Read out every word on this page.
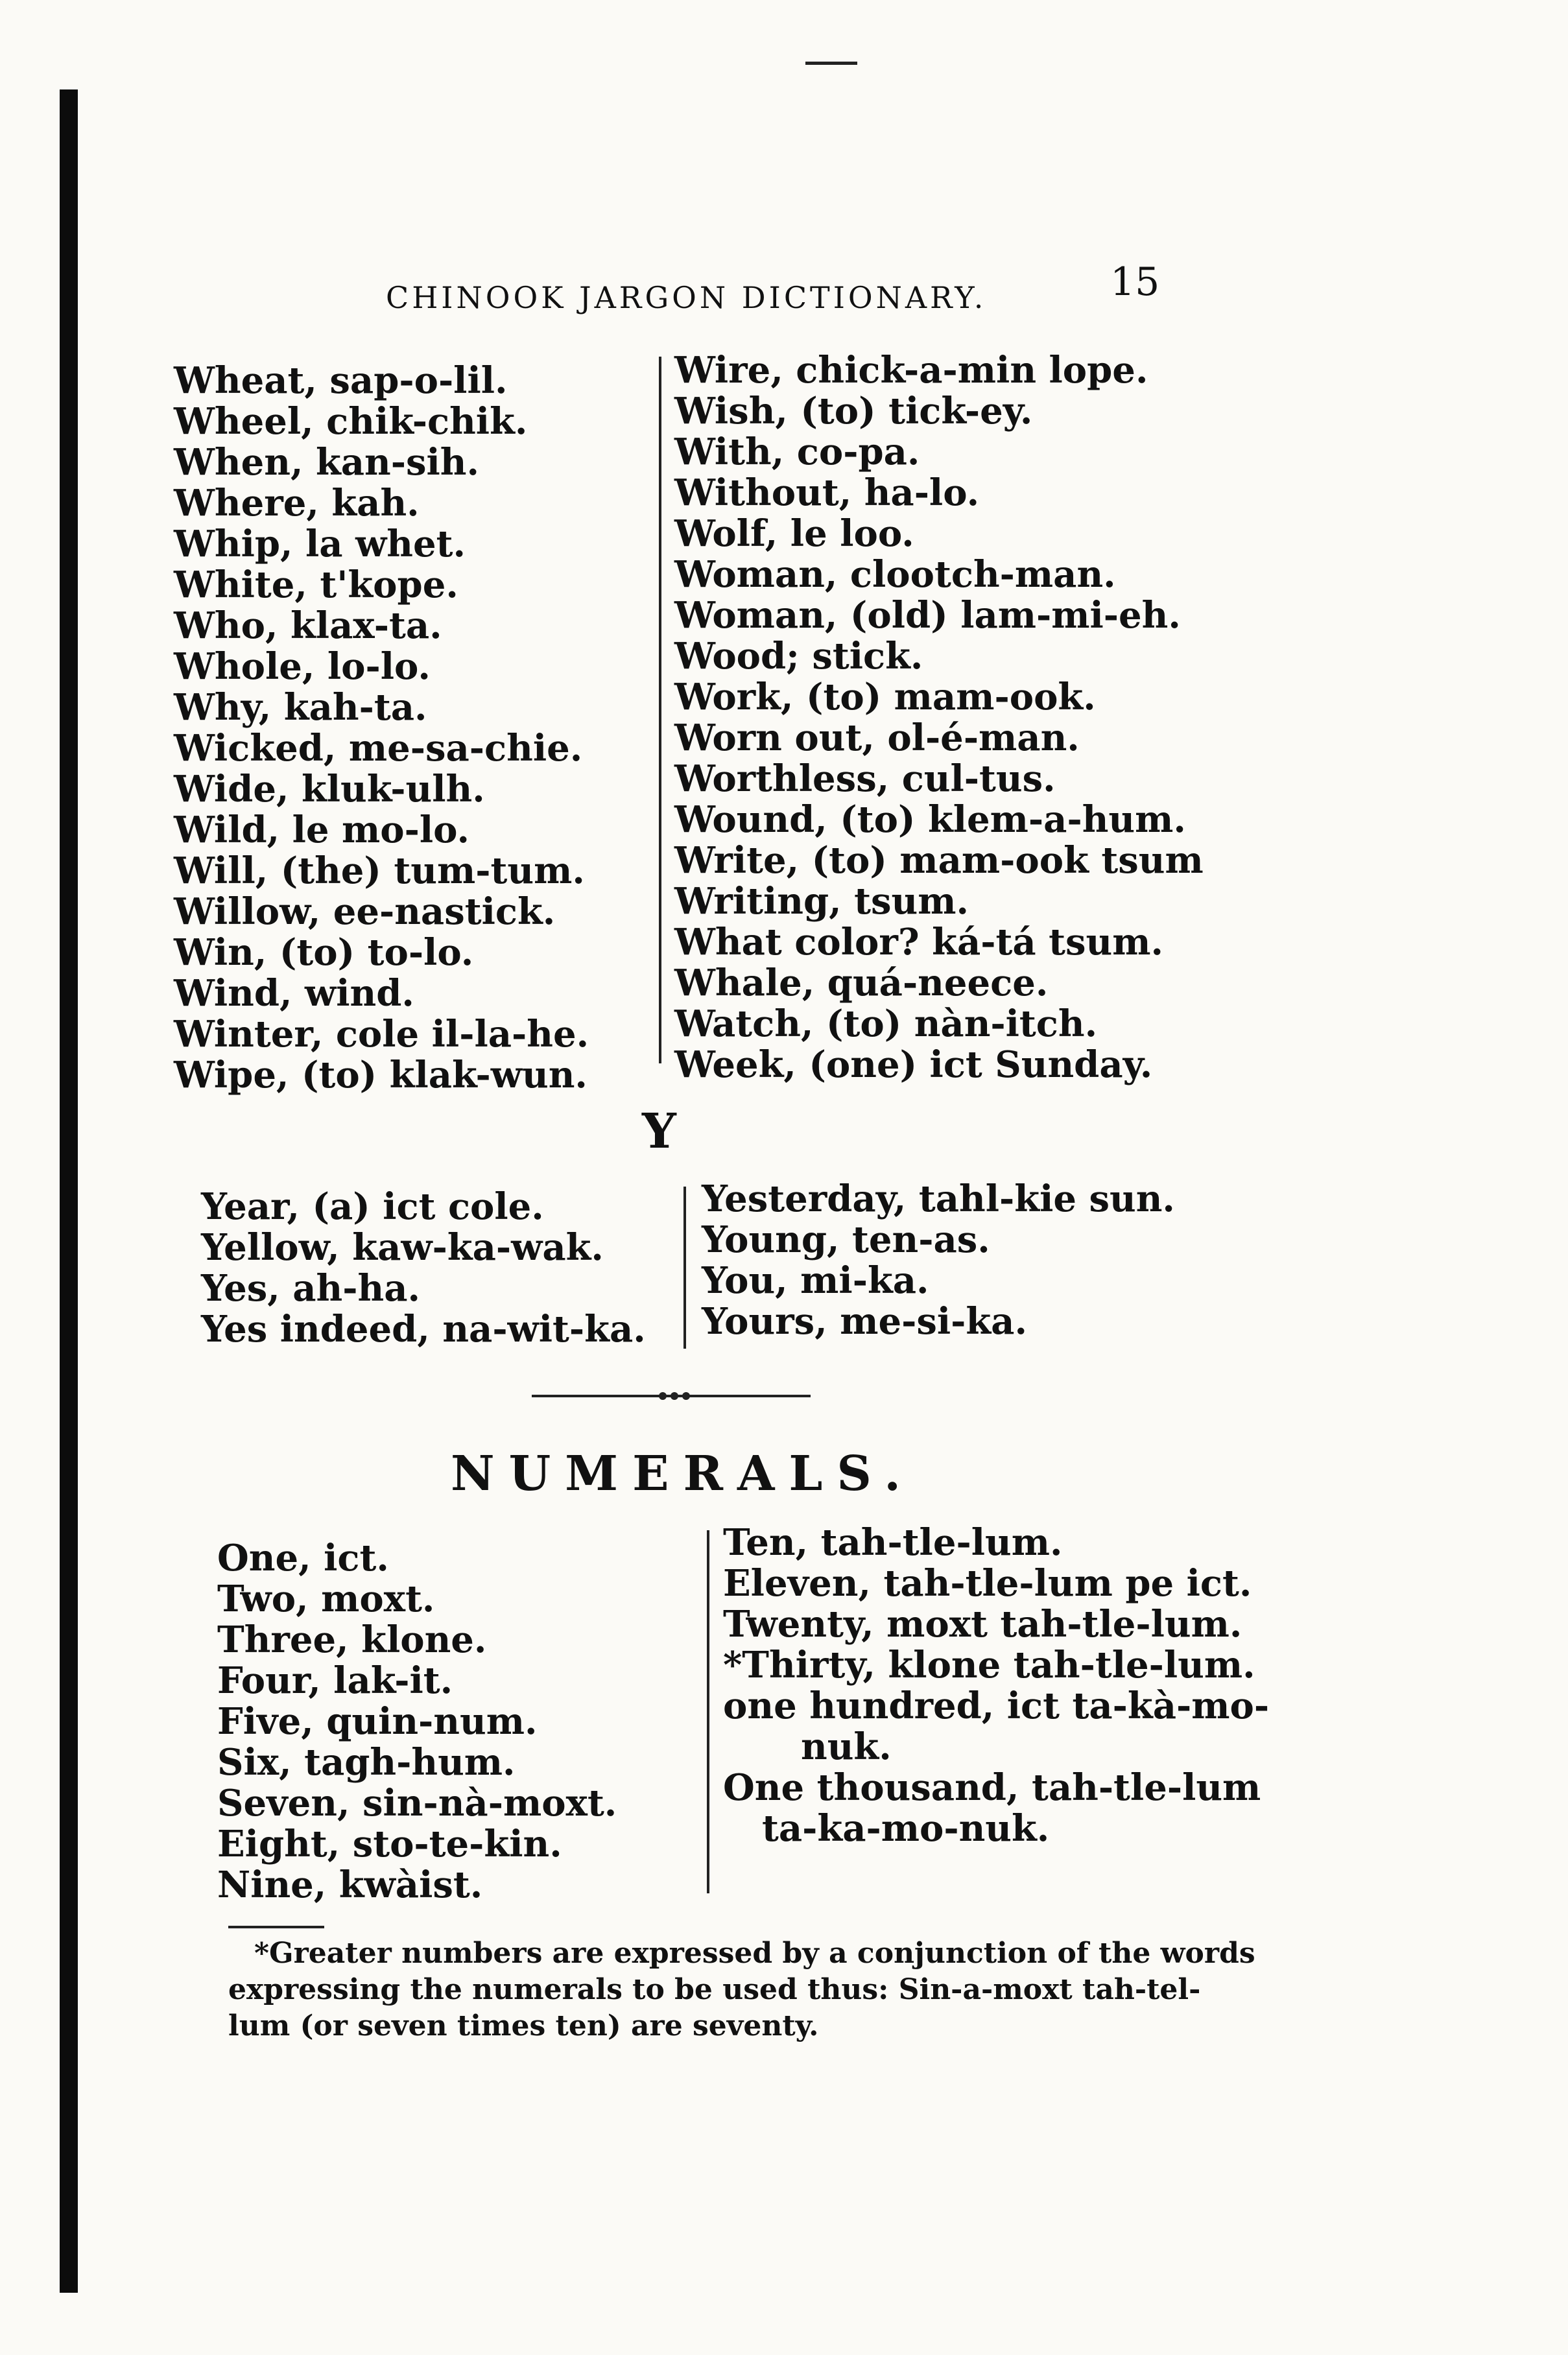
CHINOOK JARGON DICTIONARY.	15
Wheat, sap-o-lil.
Wheel, chik-chik.
When, kan-sih.
Where, kah.
Whip, la whet.
White, t'kope.
Who, klax-ta.
Whole, lo-lo.
Why, kah-ta.
Wicked, me-sa-chie.
Wide, kluk-ulh.
Wild, le mo-lo.
Will, (the) tum-tum.
Willow, ee-nastick.
Win, (to) to-lo.
Wind, wind.
Winter, cole il-la-he.
Wipe, (to) klak-wun.
Wire, chick-a-min lope.
Wish, (to) tick-ey.
With, co-pa.
Without, ha-lo.
Wolf, le loo.
Woman, clootch-man.
Woman, (old) lam-mi-eh.
Wood; stick.
Work, (to) mam-ook.
Worn out, ol-é-man.
Worthless, cul-tus.
Wound, (to) klem-a-hum.
Write, (to) mam-ook tsum
Writing, tsum.
What color? ká-tá tsum.
Whale, quá-neece.
Watch, (to) nàn-itch.
Week, (one) ict Sunday.
Y
Year, (a) ict cole.
Yellow, kaw-ka-wak.
Yes, ah-ha.
Yes indeed, na-wit-ka.
Yesterday, tahl-kie sun.
Young, ten-as.
You, mi-ka.
Yours, me-si-ka.
NUMERALS.
One, ict.
Two, moxt.
Three, klone.
Four, lak-it.
Five, quin-num.
Six, tagh-hum.
Seven, sin-nà-moxt.
Eight, sto-te-kin.
Nine, kwàist.
Ten, tah-tle-lum.
Eleven, tah-tle-lum pe ict.
Twenty, moxt tah-tle-lum.
*Thirty, klone tah-tle-lum.
one hundred, ict ta-kà-mo-
nuk.
One thousand, tah-tle-lum
ta-ka-mo-nuk.
*Greater numbers are expressed by a conjunction of the words
expressing the numerals to be used thus: Sin-a-moxt tah-tel-
lum (or seven times ten) are seventy.
